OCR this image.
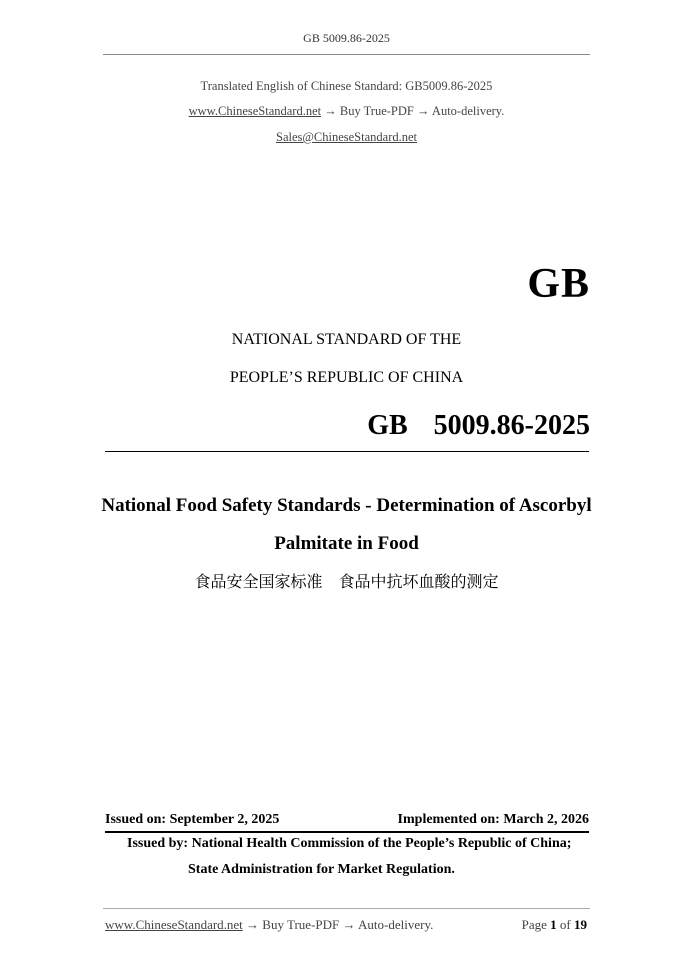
GB 5009.86-2025
Translated English of Chinese Standard: GB5009.86-2025
www.ChineseStandard.net → Buy True-PDF → Auto-delivery.
Sales@ChineseStandard.net
GB
NATIONAL STANDARD OF THE
PEOPLE’S REPUBLIC OF CHINA
GB  5009.86-2025
National Food Safety Standards - Determination of Ascorbyl
Palmitate in Food
食品安全国家标准　食品中抗坏血酸的测定
Issued on: September 2, 2025	Implemented on: March 2, 2026
Issued by: National Health Commission of the People’s Republic of China;
State Administration for Market Regulation.
www.ChineseStandard.net → Buy True-PDF → Auto-delivery.	Page 1 of 19
